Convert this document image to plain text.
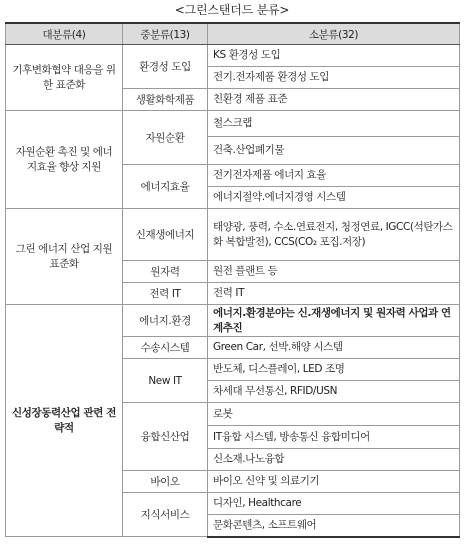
<그린스탠더드 분류>
대분류(4)	중분류(13)	소분류(32)
기후변화협약 대응을 위한 표준화	환경성 도입	KS 환경성 도입
		전기.전자제품 환경성 도입
	생활화학제품	친환경 제품 표준
자원순환 촉진 및 에너지효율 향상 지원	자원순환	철스크랩
		건축.산업폐기물
	에너지효율	전기전자제품 에너지 효율
		에너지절약.에너지경영 시스템
그린 에너지 산업 지원 표준화	신재생에너지	태양광, 풍력, 수소.연료전지, 청정연료, IGCC(석탄가스화 복합발전), CCS(CO₂ 포집.저장)
	원자력	원전 플랜트 등
	전력 IT	전력 IT
신성장동력산업 관련 전략적	에너지.환경	에너지.환경분야는 신.재생에너지 및 원자력 사업과 연계추진
	수송시스템	Green Car, 선박.해양 시스템
	New IT	반도체, 디스플레이, LED 조명
		차세대 무선통신, RFID/USN
	융합신산업	로봇
		IT융합 시스템, 방송통신 융합미디어
		신소재.나노융합
	바이오	바이오 신약 및 의료기기
	지식서비스	디자인, Healthcare
		문화콘텐츠, 소프트웨어
